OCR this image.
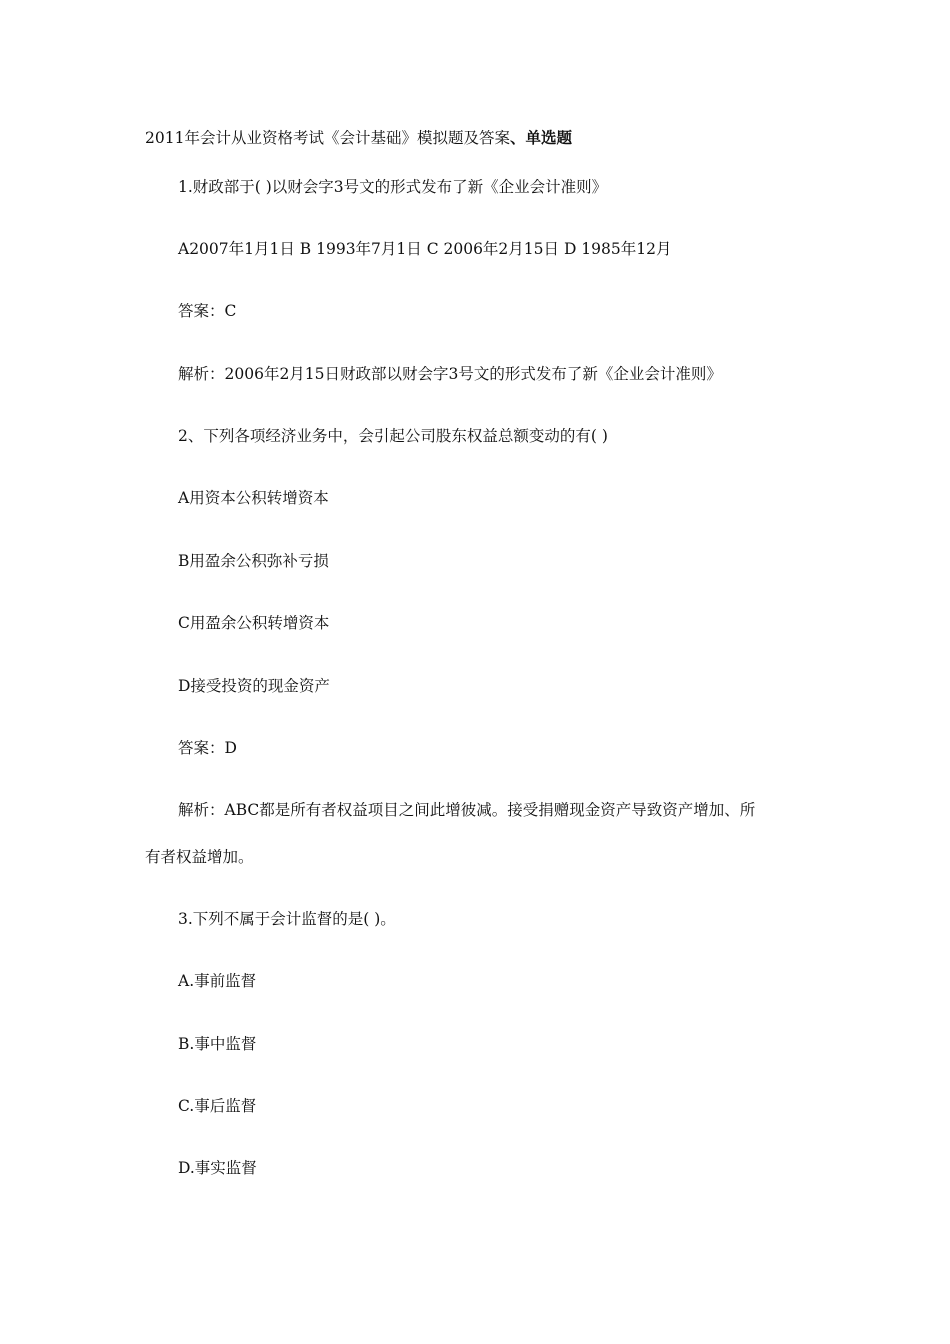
2011年会计从业资格考试《会计基础》模拟题及答案、单选题
1.财政部于( )以财会字3号文的形式发布了新《企业会计准则》
A2007年1月1日 B 1993年7月1日 C 2006年2月15日 D 1985年12月
答案：C
解析：2006年2月15日财政部以财会字3号文的形式发布了新《企业会计准则》
2、下列各项经济业务中，会引起公司股东权益总额变动的有( )
A用资本公积转增资本
B用盈余公积弥补亏损
C用盈余公积转增资本
D接受投资的现金资产
答案：D
解析：ABC都是所有者权益项目之间此增彼减。接受捐赠现金资产导致资产增加、所
有者权益增加。
3.下列不属于会计监督的是( )。
A.事前监督
B.事中监督
C.事后监督
D.事实监督
